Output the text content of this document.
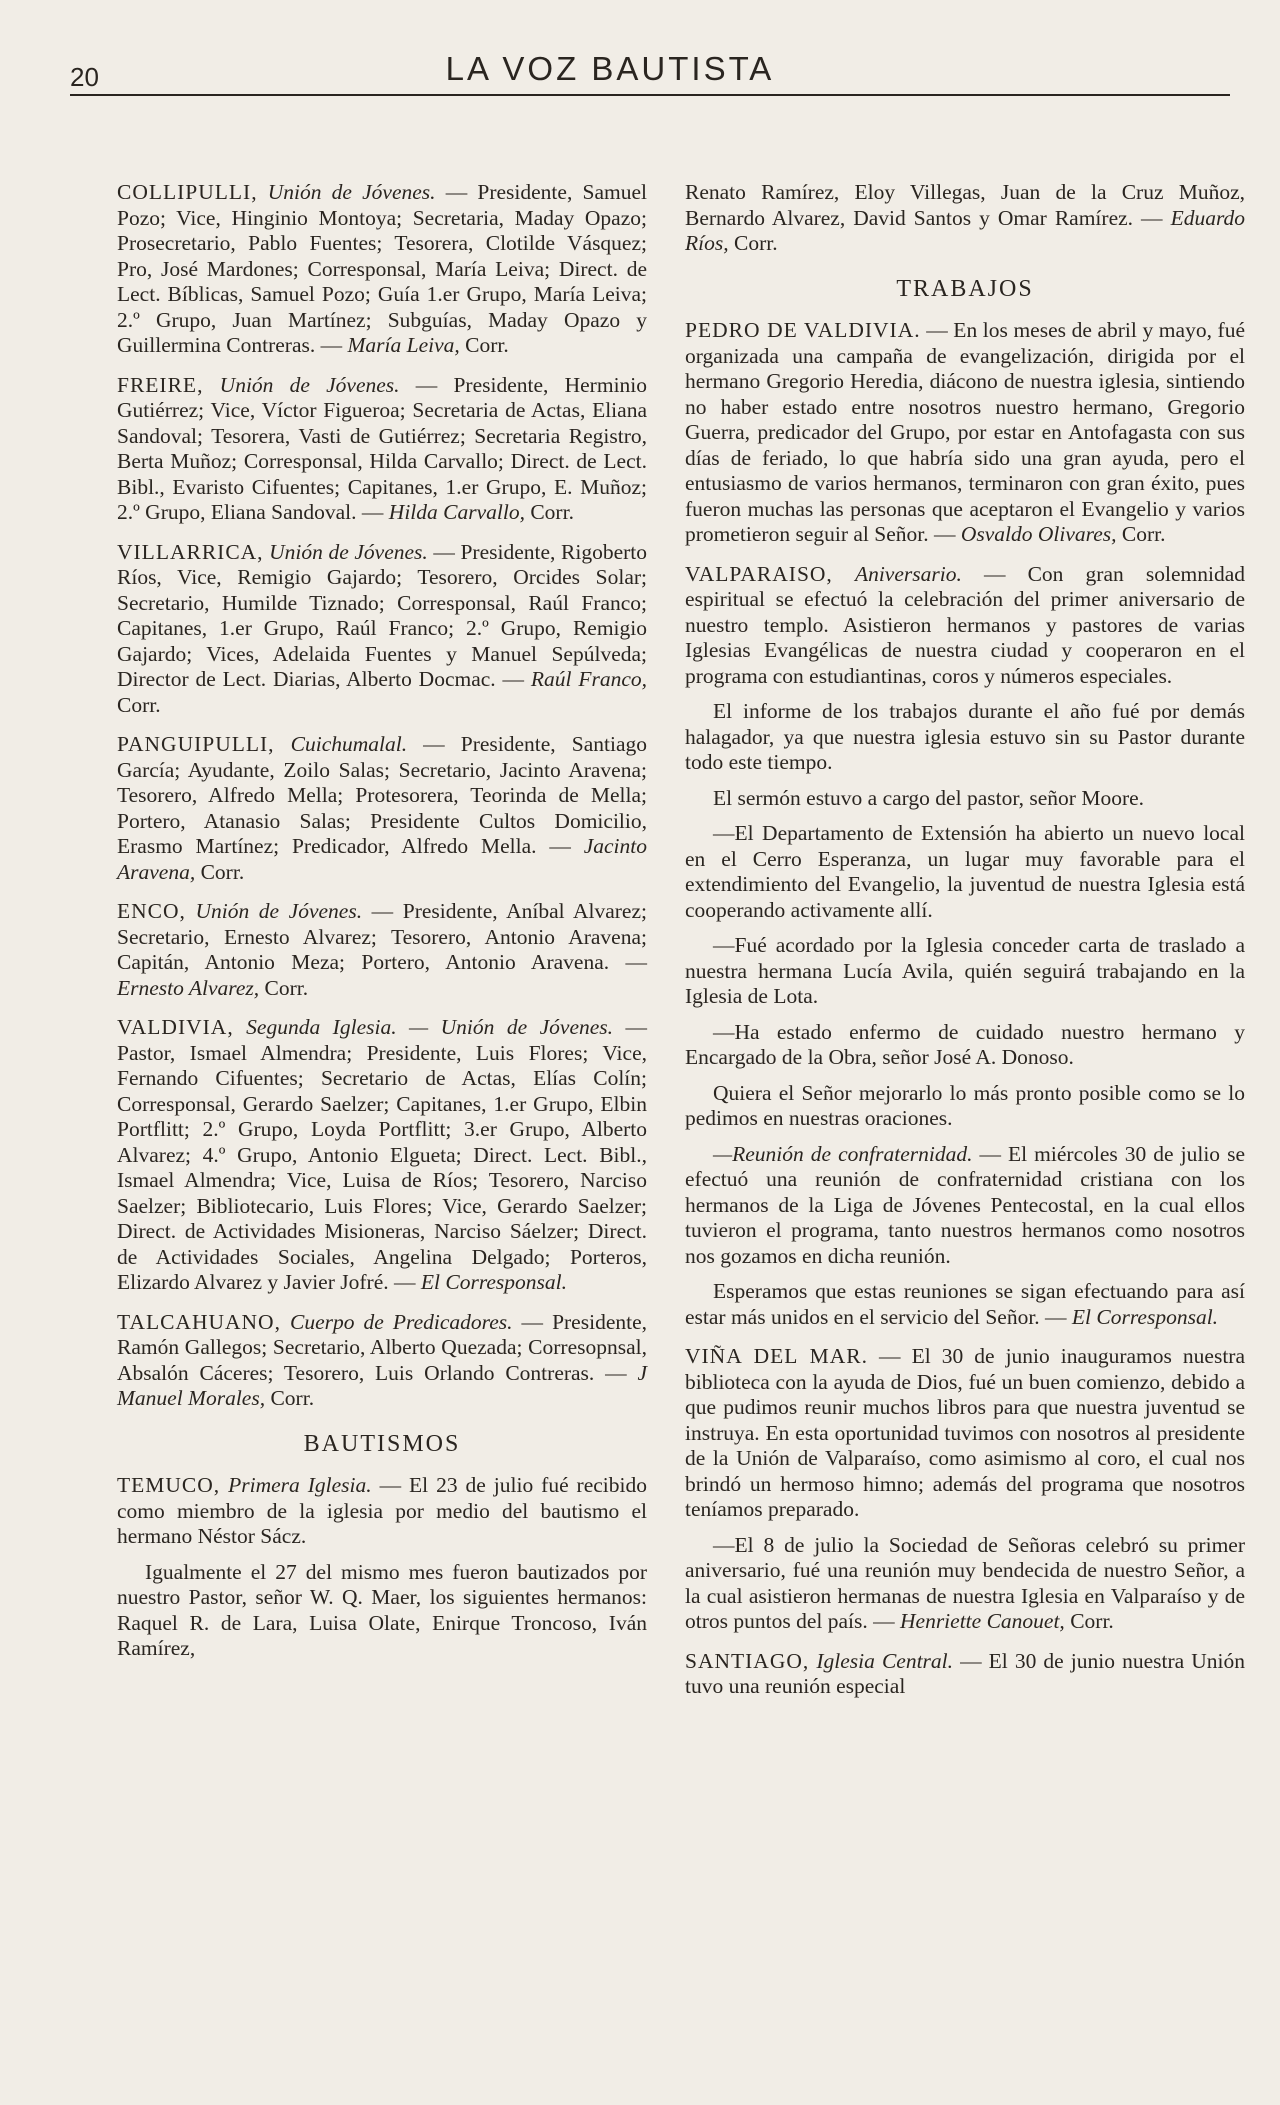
20	LA VOZ BAUTISTA

COLLIPULLI, Unión de Jóvenes. — Presidente, Samuel Pozo; Vice, Hinginio Montoya; Secretaria, Maday Opazo; Prosecretario, Pablo Fuentes; Tesorera, Clotilde Vásquez; Pro, José Mardones; Corresponsal, María Leiva; Direct. de Lect. Bíblicas, Samuel Pozo; Guía 1.er Grupo, María Leiva; 2.º Grupo, Juan Martínez; Subguías, Maday Opazo y Guillermina Contreras. — María Leiva, Corr.

FREIRE, Unión de Jóvenes. — Presidente, Herminio Gutiérrez; Vice, Víctor Figueroa; Secretaria de Actas, Eliana Sandoval; Tesorera, Vasti de Gutiérrez; Secretaria Registro, Berta Muñoz; Corresponsal, Hilda Carvallo; Direct. de Lect. Bibl., Evaristo Cifuentes; Capitanes, 1.er Grupo, E. Muñoz; 2.º Grupo, Eliana Sandoval. — Hilda Carvallo, Corr.

VILLARRICA, Unión de Jóvenes. — Presidente, Rigoberto Ríos, Vice, Remigio Gajardo; Tesorero, Orcides Solar; Secretario, Humilde Tiznado; Corresponsal, Raúl Franco; Capitanes, 1.er Grupo, Raúl Franco; 2.º Grupo, Remigio Gajardo; Vices, Adelaida Fuentes y Manuel Sepúlveda; Director de Lect. Diarias, Alberto Docmac. — Raúl Franco, Corr.

PANGUIPULLI, Cuichumalal. — Presidente, Santiago García; Ayudante, Zoilo Salas; Secretario, Jacinto Aravena; Tesorero, Alfredo Mella; Protesorera, Teorinda de Mella; Portero, Atanasio Salas; Presidente Cultos Domicilio, Erasmo Martínez; Predicador, Alfredo Mella. — Jacinto Aravena, Corr.

ENCO, Unión de Jóvenes. — Presidente, Aníbal Alvarez; Secretario, Ernesto Alvarez; Tesorero, Antonio Aravena; Capitán, Antonio Meza; Portero, Antonio Aravena. — Ernesto Alvarez, Corr.

VALDIVIA, Segunda Iglesia. — Unión de Jóvenes. — Pastor, Ismael Almendra; Presidente, Luis Flores; Vice, Fernando Cifuentes; Secretario de Actas, Elías Colín; Corresponsal, Gerardo Saelzer; Capitanes, 1.er Grupo, Elbin Portflitt; 2.º Grupo, Loyda Portflitt; 3.er Grupo, Alberto Alvarez; 4.º Grupo, Antonio Elgueta; Direct. Lect. Bibl., Ismael Almendra; Vice, Luisa de Ríos; Tesorero, Narciso Saelzer; Bibliotecario, Luis Flores; Vice, Gerardo Saelzer; Direct. de Actividades Misioneras, Narciso Sáelzer; Direct. de Actividades Sociales, Angelina Delgado; Porteros, Elizardo Alvarez y Javier Jofré. — El Corresponsal.

TALCAHUANO, Cuerpo de Predicadores. — Presidente, Ramón Gallegos; Secretario, Alberto Quezada; Corresopnsal, Absalón Cáceres; Tesorero, Luis Orlando Contreras. — J Manuel Morales, Corr.

BAUTISMOS

TEMUCO, Primera Iglesia. — El 23 de julio fué recibido como miembro de la iglesia por medio del bautismo el hermano Néstor Sácz.

Igualmente el 27 del mismo mes fueron bautizados por nuestro Pastor, señor W. Q. Maer, los siguientes hermanos: Raquel R. de Lara, Luisa Olate, Enirque Troncoso, Iván Ramírez,

Renato Ramírez, Eloy Villegas, Juan de la Cruz Muñoz, Bernardo Alvarez, David Santos y Omar Ramírez. — Eduardo Ríos, Corr.

TRABAJOS

PEDRO DE VALDIVIA. — En los meses de abril y mayo, fué organizada una campaña de evangelización, dirigida por el hermano Gregorio Heredia, diácono de nuestra iglesia, sintiendo no haber estado entre nosotros nuestro hermano, Gregorio Guerra, predicador del Grupo, por estar en Antofagasta con sus días de feriado, lo que habría sido una gran ayuda, pero el entusiasmo de varios hermanos, terminaron con gran éxito, pues fueron muchas las personas que aceptaron el Evangelio y varios prometieron seguir al Señor. — Osvaldo Olivares, Corr.

VALPARAISO, Aniversario. — Con gran solemnidad espiritual se efectuó la celebración del primer aniversario de nuestro templo. Asistieron hermanos y pastores de varias Iglesias Evangélicas de nuestra ciudad y cooperaron en el programa con estudiantinas, coros y números especiales.

El informe de los trabajos durante el año fué por demás halagador, ya que nuestra iglesia estuvo sin su Pastor durante todo este tiempo.

El sermón estuvo a cargo del pastor, señor Moore.

—El Departamento de Extensión ha abierto un nuevo local en el Cerro Esperanza, un lugar muy favorable para el extendimiento del Evangelio, la juventud de nuestra Iglesia está cooperando activamente allí.

—Fué acordado por la Iglesia conceder carta de traslado a nuestra hermana Lucía Avila, quién seguirá trabajando en la Iglesia de Lota.

—Ha estado enfermo de cuidado nuestro hermano y Encargado de la Obra, señor José A. Donoso.

Quiera el Señor mejorarlo lo más pronto posible como se lo pedimos en nuestras oraciones.

—Reunión de confraternidad. — El miércoles 30 de julio se efectuó una reunión de confraternidad cristiana con los hermanos de la Liga de Jóvenes Pentecostal, en la cual ellos tuvieron el programa, tanto nuestros hermanos como nosotros nos gozamos en dicha reunión.

Esperamos que estas reuniones se sigan efectuando para así estar más unidos en el servicio del Señor. — El Corresponsal.

VIÑA DEL MAR. — El 30 de junio inauguramos nuestra biblioteca con la ayuda de Dios, fué un buen comienzo, debido a que pudimos reunir muchos libros para que nuestra juventud se instruya. En esta oportunidad tuvimos con nosotros al presidente de la Unión de Valparaíso, como asimismo al coro, el cual nos brindó un hermoso himno; además del programa que nosotros teníamos preparado.

—El 8 de julio la Sociedad de Señoras celebró su primer aniversario, fué una reunión muy bendecida de nuestro Señor, a la cual asistieron hermanas de nuestra Iglesia en Valparaíso y de otros puntos del país. — Henriette Canouet, Corr.

SANTIAGO, Iglesia Central. — El 30 de junio nuestra Unión tuvo una reunión especial
